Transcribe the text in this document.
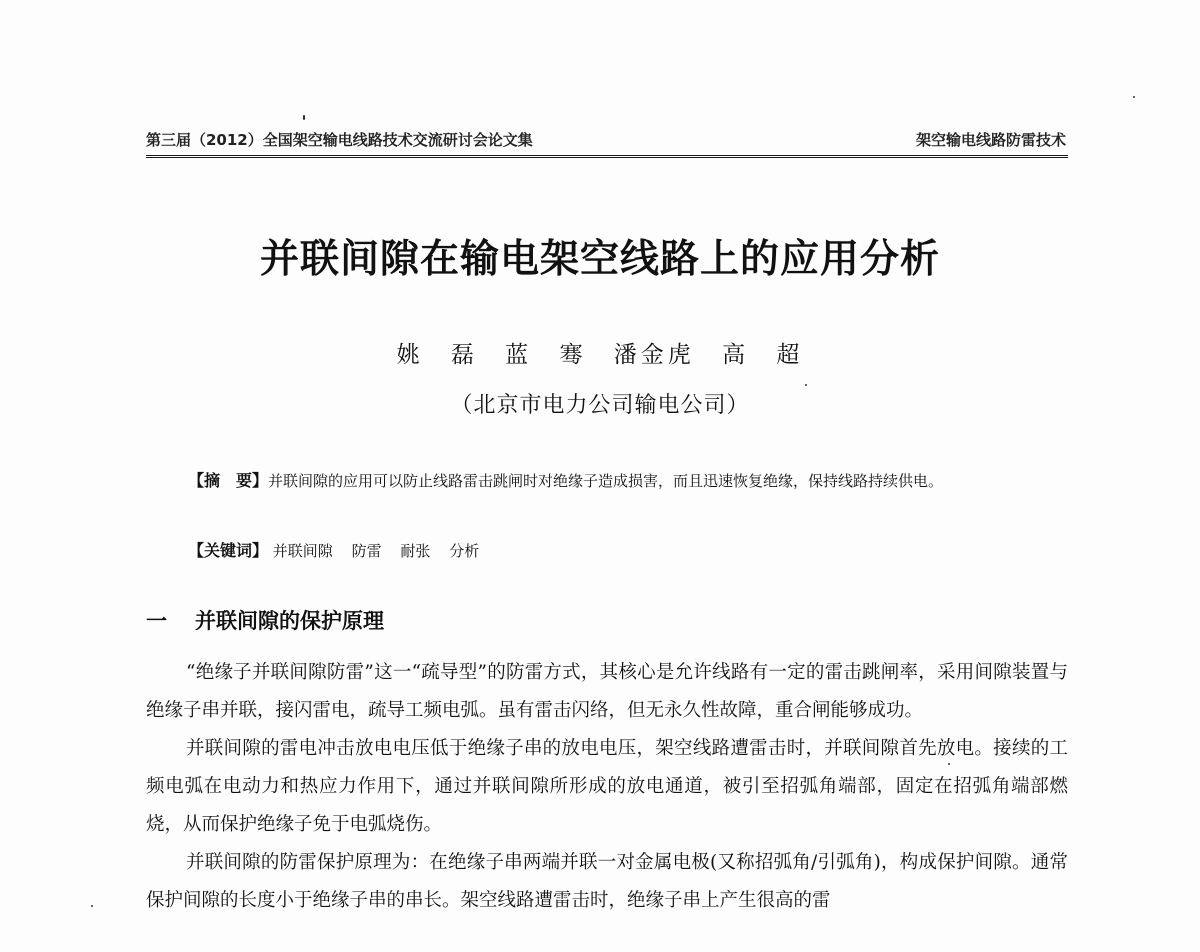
第三届（2012）全国架空输电线路技术交流研讨会论文集	架空输电线路防雷技术
并联间隙在输电架空线路上的应用分析
姚 磊 蓝 骞 潘金虎 高 超
（北京市电力公司输电公司）

【摘　要】并联间隙的应用可以防止线路雷击跳闸时对绝缘子造成损害，而且迅速恢复绝缘，保持线路持续供电。

【关键词】 并联间隙 防雷 耐张 分析
一 并联间隙的保护原理

“绝缘子并联间隙防雷”这一“疏导型”的防雷方式，其核心是允许线路有一定的雷击跳闸率，采用间隙装置与绝缘子串并联，接闪雷电，疏导工频电弧。虽有雷击闪络，但无永久性故障，重合闸能够成功。

并联间隙的雷电冲击放电电压低于绝缘子串的放电电压，架空线路遭雷击时，并联间隙首先放电。接续的工频电弧在电动力和热应力作用下，通过并联间隙所形成的放电通道，被引至招弧角端部，固定在招弧角端部燃烧，从而保护绝缘子免于电弧烧伤。

并联间隙的防雷保护原理为：在绝缘子串两端并联一对金属电极(又称招弧角/引弧角)，构成保护间隙。通常保护间隙的长度小于绝缘子串的串长。架空线路遭雷击时，绝缘子串上产生很高的雷
